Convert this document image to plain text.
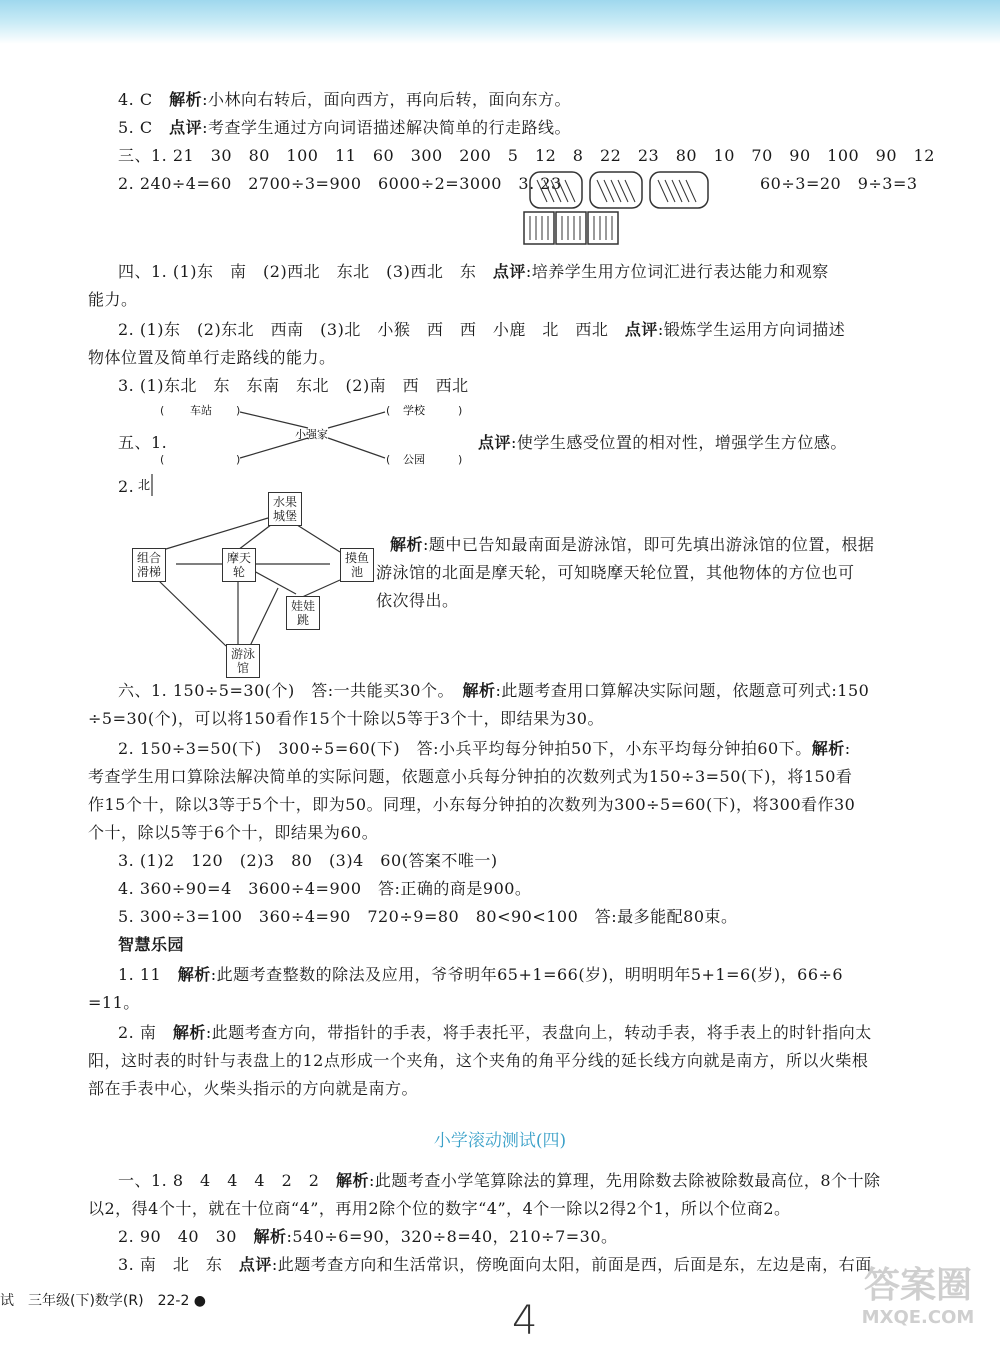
4. C　 解析:小林向右转后，面向西方，再向后转，面向东方。
5. C　 点评:考查学生通过方向词语描述解决简单的行走路线。
三、1. 21　30　80　100　11　60　300　200　5　12　8　22　23　80　10　70　90　100　90　12
2. 240÷4=60　2700÷3=900　6000÷2=3000　3. 23	60÷3=20　9÷3=3
四、1. (1)东　南　(2)西北　东北　(3)西北　东　点评:培养学生用方位词汇进行表达能力和观察
能力。
2. (1)东　(2)东北　西南　(3)北　小猴　西　西　小鹿　北　西北　点评:锻炼学生运用方向词描述
物体位置及简单行走路线的能力。
3. (1)东北　东　东南　东北　(2)南　西　西北
五、1.	点评:使学生感受位置的相对性，增强学生方位感。
(	)	(	)
(	)	(	)
车站	学校
公园
小强家
2. 北
水果城堡
组合滑梯
摩天轮
摸鱼池
娃娃跳
游泳馆
解析:题中已告知最南面是游泳馆，即可先填出游泳馆的位置，根据
游泳馆的北面是摩天轮，可知晓摩天轮位置，其他物体的方位也可
依次得出。
六、1. 150÷5=30(个)　答:一共能买30个。　 解析:此题考查用口算解决实际问题，依题意可列式:150
÷5=30(个)，可以将150看作15个十除以5等于3个十，即结果为30。
2. 150÷3=50(下)　300÷5=60(下)　答:小兵平均每分钟拍50下，小东平均每分钟拍60下。解析:
考查学生用口算除法解决简单的实际问题，依题意小兵每分钟拍的次数列式为150÷3=50(下)，将150看
作15个十，除以3等于5个十，即为50。同理，小东每分钟拍的次数列为300÷5=60(下)，将300看作30
个十，除以5等于6个十，即结果为60。
3. (1)2　120　(2)3　80　(3)4　60(答案不唯一)
4. 360÷90=4　3600÷4=900　答:正确的商是900。
5. 300÷3=100　360÷4=90　720÷9=80　80<90<100　答:最多能配80束。
智慧乐园
1. 11　解析:此题考查整数的除法及应用，爷爷明年65+1=66(岁)，明明明年5+1=6(岁)，66÷6
=11。
2. 南　解析:此题考查方向，带指针的手表，将手表托平，表盘向上，转动手表，将手表上的时针指向太
阳，这时表的时针与表盘上的12点形成一个夹角，这个夹角的角平分线的延长线方向就是南方，所以火柴根
部在手表中心，火柴头指示的方向就是南方。
小学滚动测试(四)
一、1. 8　4　4　4　2　2　解析:此题考查小学笔算除法的算理，先用除数去除被除数最高位，8个十除
以2，得4个十，就在十位商“4”，再用2除个位的数字“4”，4个一除以2得2个1，所以个位商2。
2. 90　40　30　解析:540÷6=90，320÷8=40，210÷7=30。
3. 南　北　东　点评:此题考查方向和生活常识，傍晚面向太阳，前面是西，后面是东，左边是南，右面
试　三年级(下)数学(R)　22-2 ●	4
答案圈
MXQE.COM
